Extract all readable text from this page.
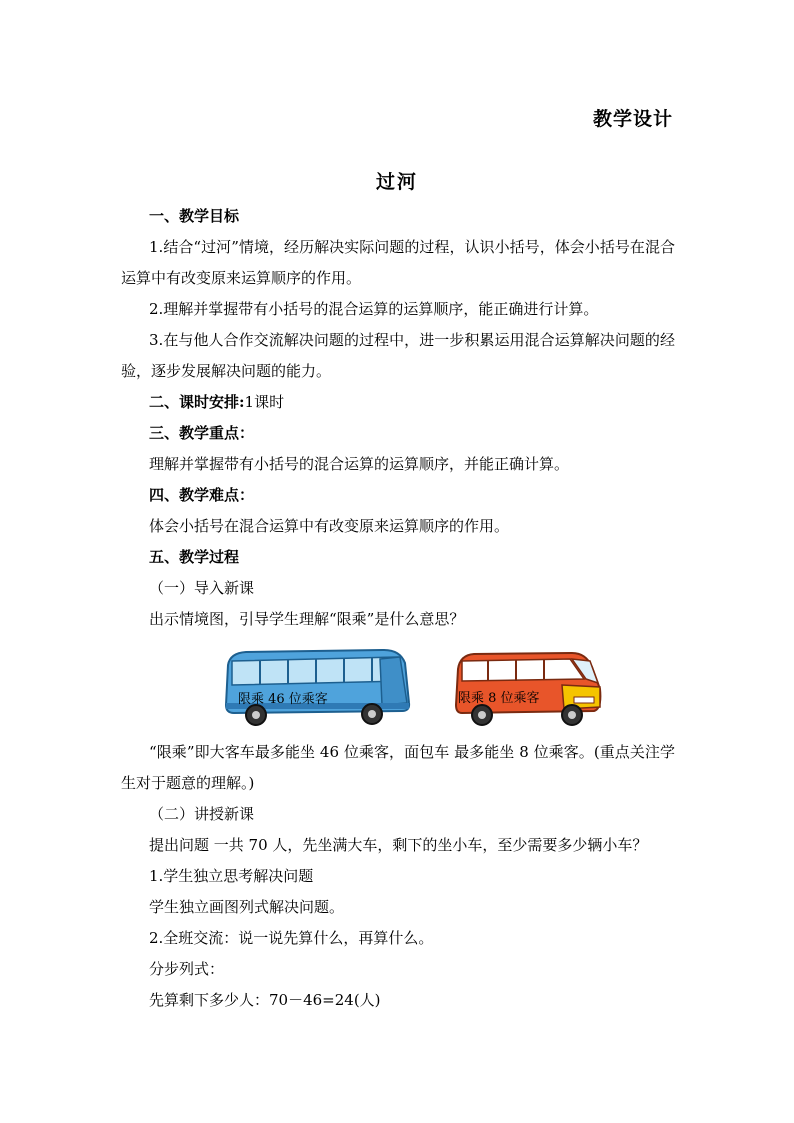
教学设计
过河

一、教学目标

1.结合“过河”情境，经历解决实际问题的过程，认识小括号，体会小括号在混合运算中有改变原来运算顺序的作用。

2.理解并掌握带有小括号的混合运算的运算顺序，能正确进行计算。

3.在与他人合作交流解决问题的过程中，进一步积累运用混合运算解决问题的经验，逐步发展解决问题的能力。

二、课时安排:1课时

三、教学重点：

理解并掌握带有小括号的混合运算的运算顺序，并能正确计算。

四、教学难点：

体会小括号在混合运算中有改变原来运算顺序的作用。

五、教学过程

（一）导入新课

出示情境图，引导学生理解“限乘”是什么意思？

限乘 46 位乘客	限乘 8 位乘客

“限乘”即大客车最多能坐 46 位乘客，面包车 最多能坐 8 位乘客。(重点关注学生对于题意的理解。)

（二）讲授新课

提出问题 一共 70 人，先坐满大车，剩下的坐小车，至少需要多少辆小车？

1.学生独立思考解决问题

学生独立画图列式解决问题。

2.全班交流：说一说先算什么，再算什么。

分步列式：

先算剩下多少人：70－46=24(人)
